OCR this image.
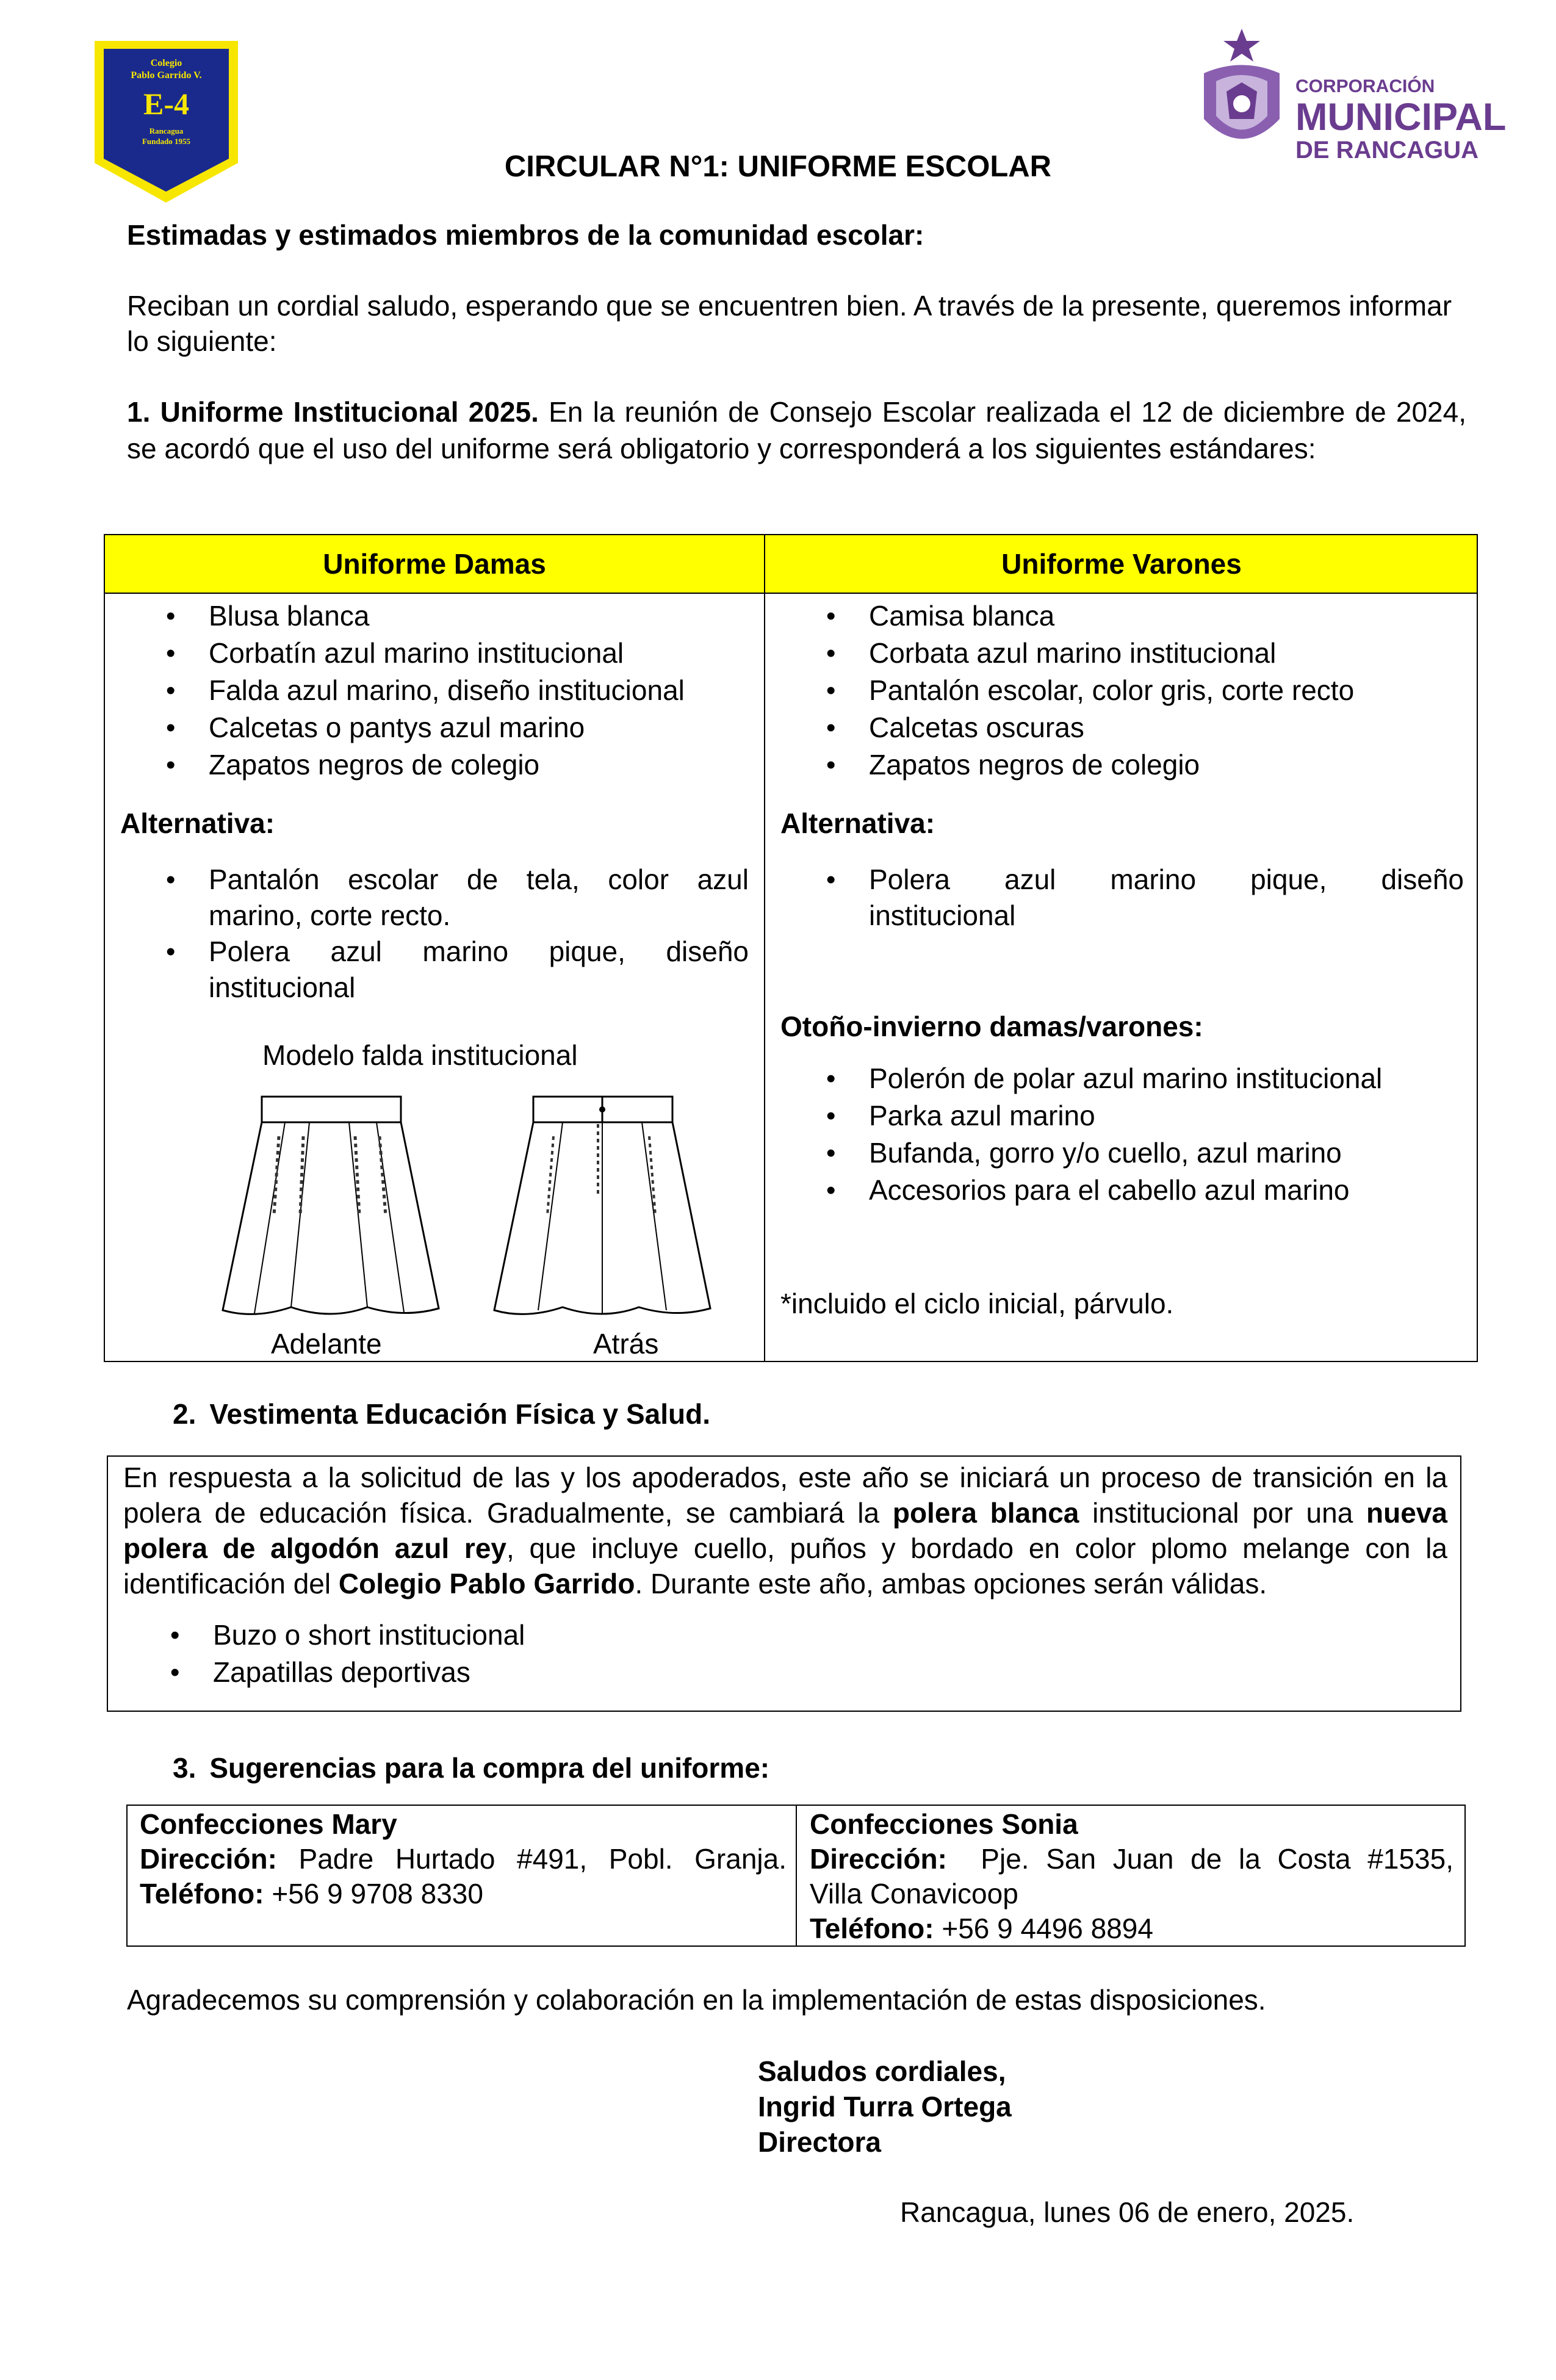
Colegio
Pablo Garrido V.
E-4
Rancagua
Fundado 1955
CORPORACIÓN
MUNICIPAL
DE RANCAGUA
CIRCULAR N°1: UNIFORME ESCOLAR

Estimadas y estimados miembros de la comunidad escolar:

Reciban un cordial saludo, esperando que se encuentren bien. A través de la presente, queremos informar lo siguiente:

1. Uniforme Institucional 2025. En la reunión de Consejo Escolar realizada el 12 de diciembre de 2024, se acordó que el uso del uniforme será obligatorio y corresponderá a los siguientes estándares:

Uniforme Damas	Uniforme Varones
• Blusa blanca
• Corbatín azul marino institucional
• Falda azul marino, diseño institucional
• Calcetas o pantys azul marino
• Zapatos negros de colegio

Alternativa:

• Pantalón escolar de tela, color azul
marino, corte recto.
• Polera azul marino pique, diseño
institucional

Modelo falda institucional

Adelante	Atrás

• Camisa blanca
• Corbata azul marino institucional
• Pantalón escolar, color gris, corte recto
• Calcetas oscuras
• Zapatos negros de colegio

Alternativa:

• Polera azul marino pique, diseño
institucional

Otoño-invierno damas/varones:

• Polerón de polar azul marino institucional
• Parka azul marino
• Bufanda, gorro y/o cuello, azul marino
• Accesorios para el cabello azul marino

*incluido el ciclo inicial, párvulo.

2. Vestimenta Educación Física y Salud.

En respuesta a la solicitud de las y los apoderados, este año se iniciará un proceso de transición en la polera de educación física. Gradualmente, se cambiará la polera blanca institucional por una nueva polera de algodón azul rey, que incluye cuello, puños y bordado en color plomo melange con la identificación del Colegio Pablo Garrido. Durante este año, ambas opciones serán válidas.

• Buzo o short institucional
• Zapatillas deportivas
3. Sugerencias para la compra del uniforme:
Confecciones Mary
Dirección: Padre Hurtado #491, Pobl. Granja.
Teléfono: +56 9 9708 8330
Confecciones Sonia
Dirección:  Pje. San Juan de la Costa #1535,
Villa Conavicoop
Teléfono: +56 9 4496 8894

Agradecemos su comprensión y colaboración en la implementación de estas disposiciones.

Saludos cordiales,
Ingrid Turra Ortega
Directora

Rancagua, lunes 06 de enero, 2025.
